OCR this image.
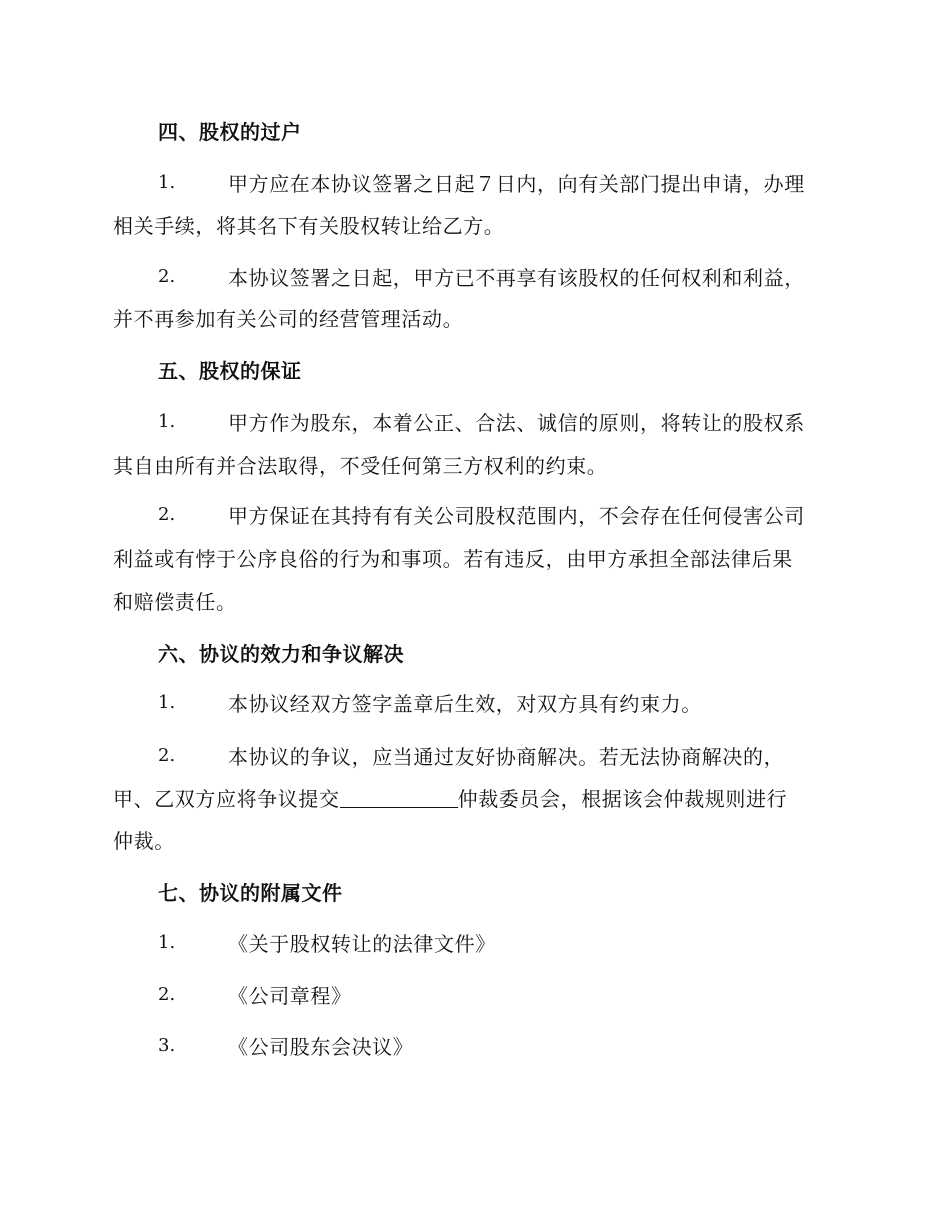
四、股权的过户
1.	甲方应在本协议签署之日起７日内，向有关部门提出申请，办理
相关手续，将其名下有关股权转让给乙方。
2.	本协议签署之日起，甲方已不再享有该股权的任何权利和利益，
并不再参加有关公司的经营管理活动。
五、股权的保证
1.	甲方作为股东，本着公正、合法、诚信的原则，将转让的股权系
其自由所有并合法取得，不受任何第三方权利的约束。
2.	甲方保证在其持有有关公司股权范围内，不会存在任何侵害公司
利益或有悖于公序良俗的行为和事项。若有违反，由甲方承担全部法律后果
和赔偿责任。
六、协议的效力和争议解决
1.	本协议经双方签字盖章后生效，对双方具有约束力。
2.	本协议的争议，应当通过友好协商解决。若无法协商解决的，
甲、乙双方应将争议提交	仲裁委员会，根据该会仲裁规则进行
仲裁。
七、协议的附属文件
1.	《关于股权转让的法律文件》
2.	《公司章程》
3.	《公司股东会决议》
